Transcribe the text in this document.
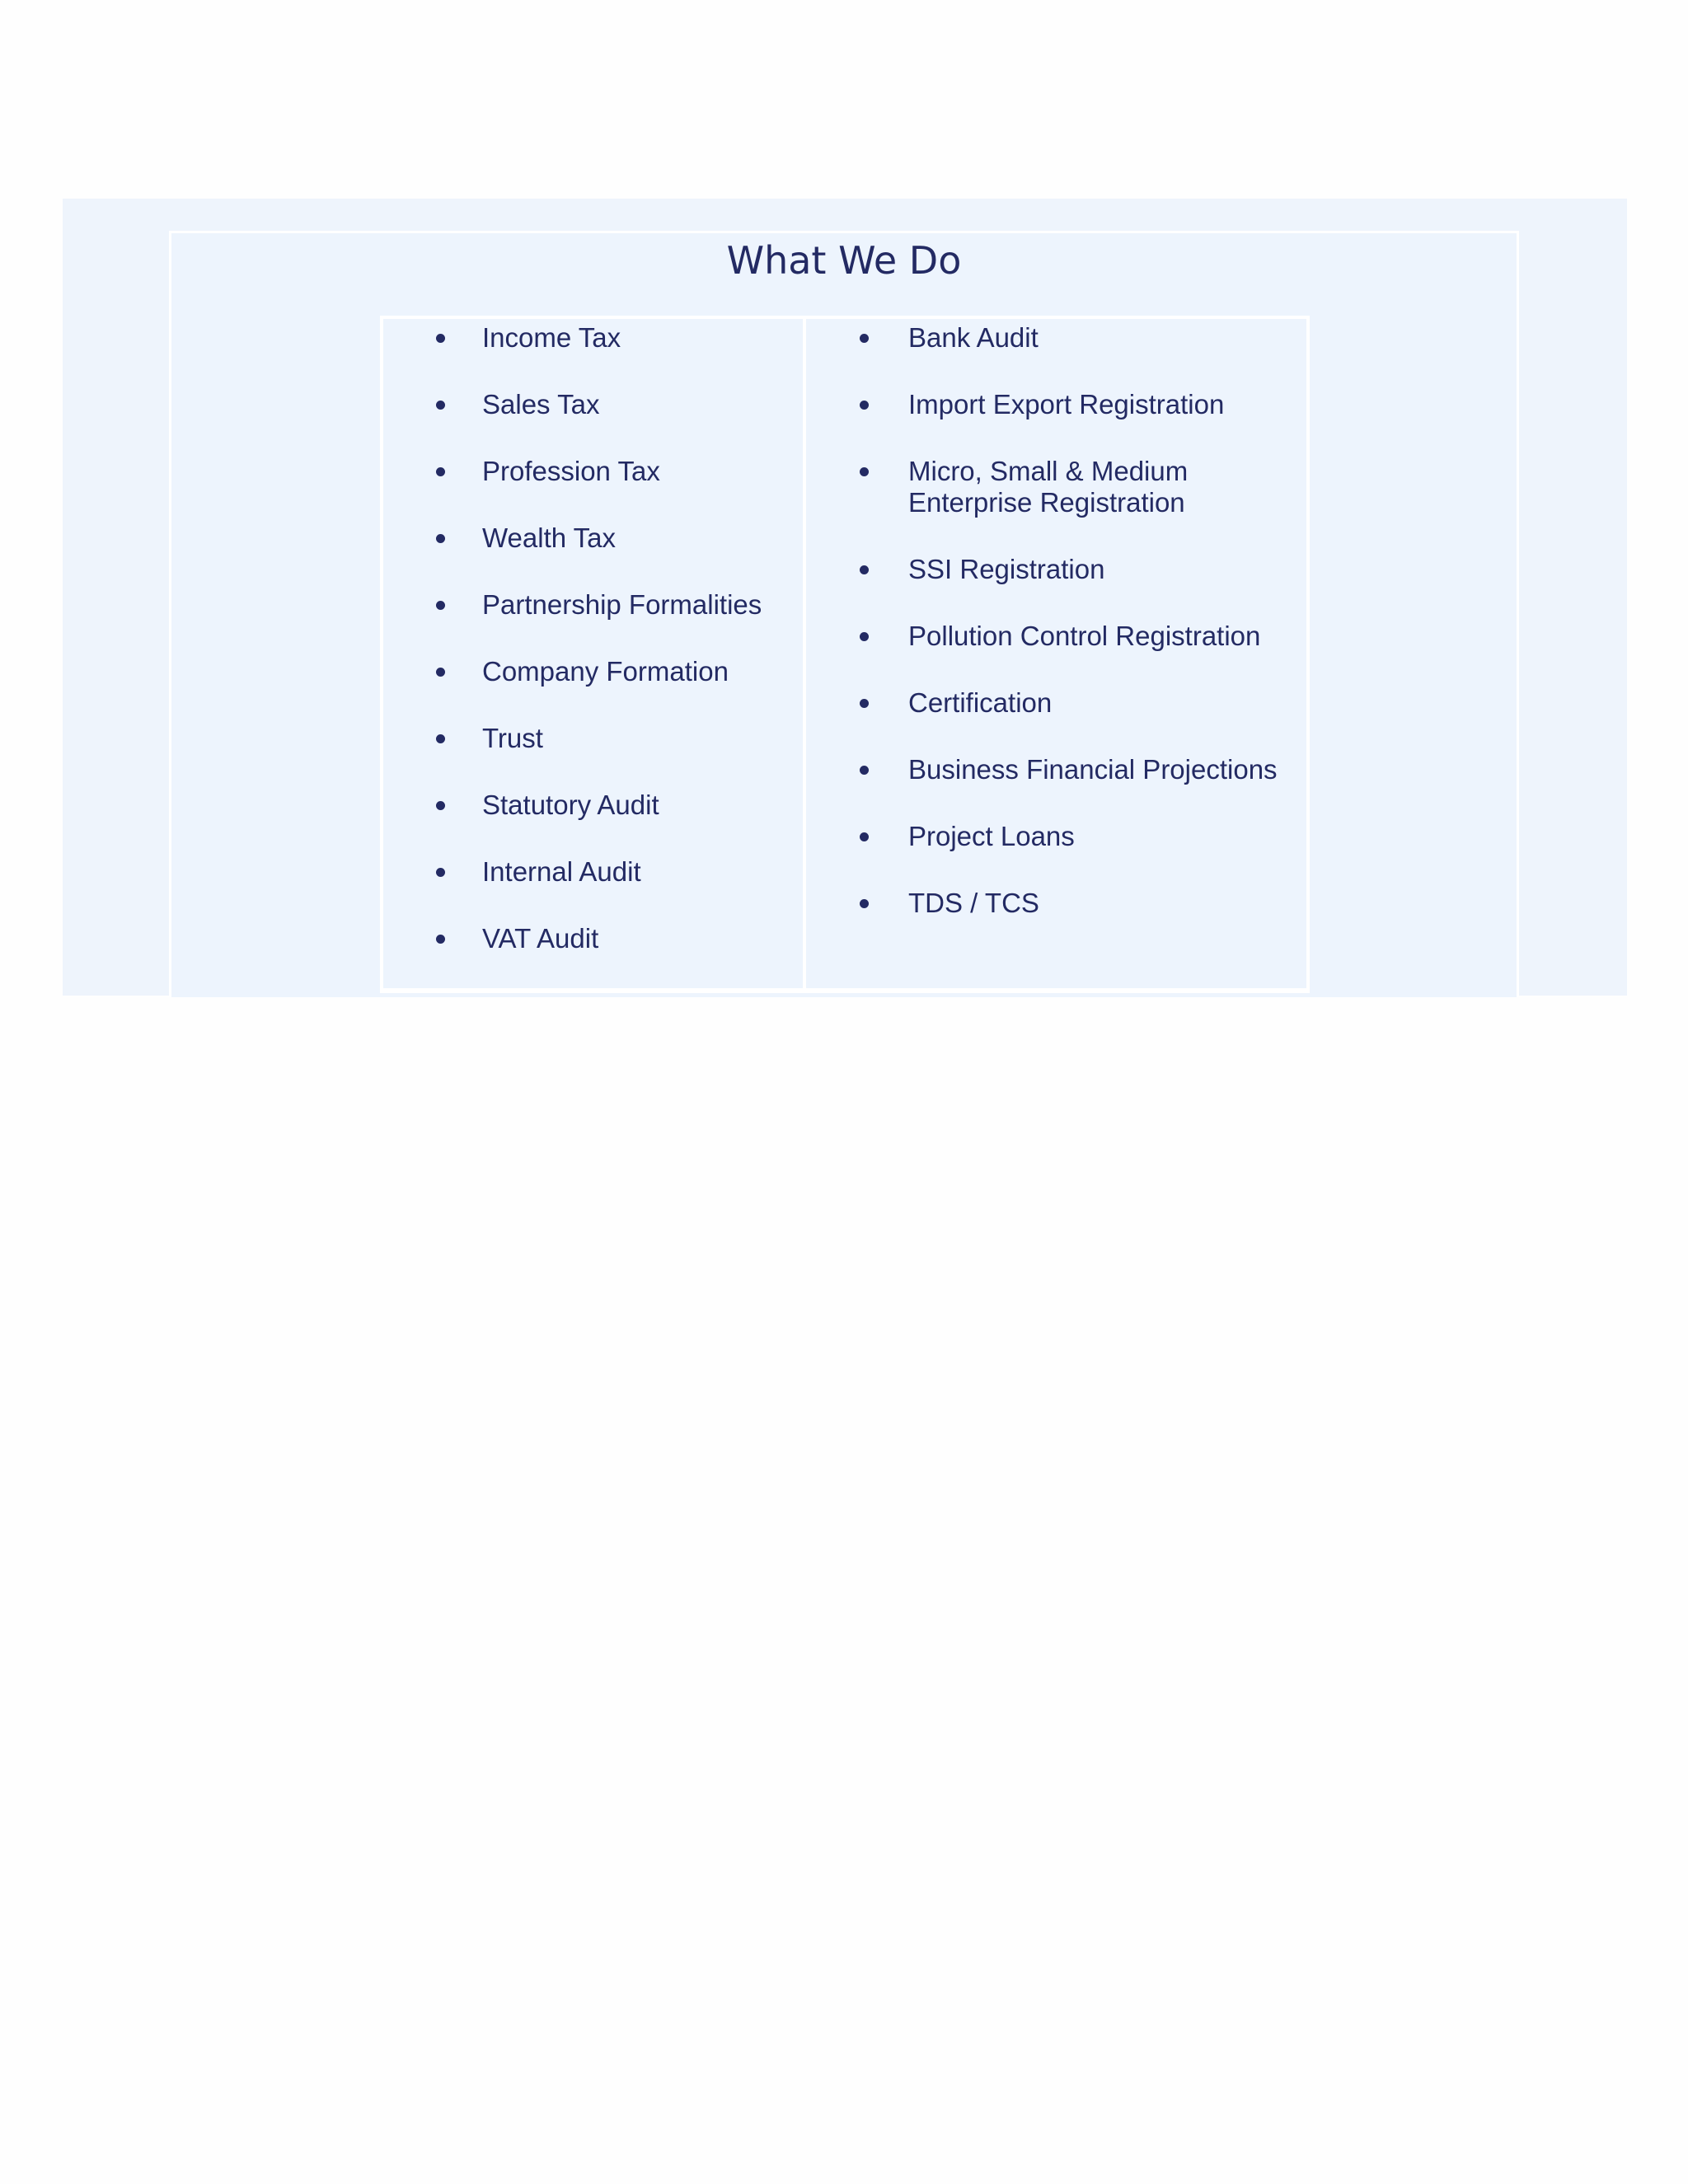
What We Do
Income Tax
Sales Tax
Profession Tax
Wealth Tax
Partnership Formalities
Company Formation
Trust
Statutory Audit
Internal Audit
VAT Audit
Bank Audit
Import Export Registration
Micro, Small & Medium Enterprise Registration
SSI Registration
Pollution Control Registration
Certification
Business Financial Projections
Project Loans
TDS / TCS
